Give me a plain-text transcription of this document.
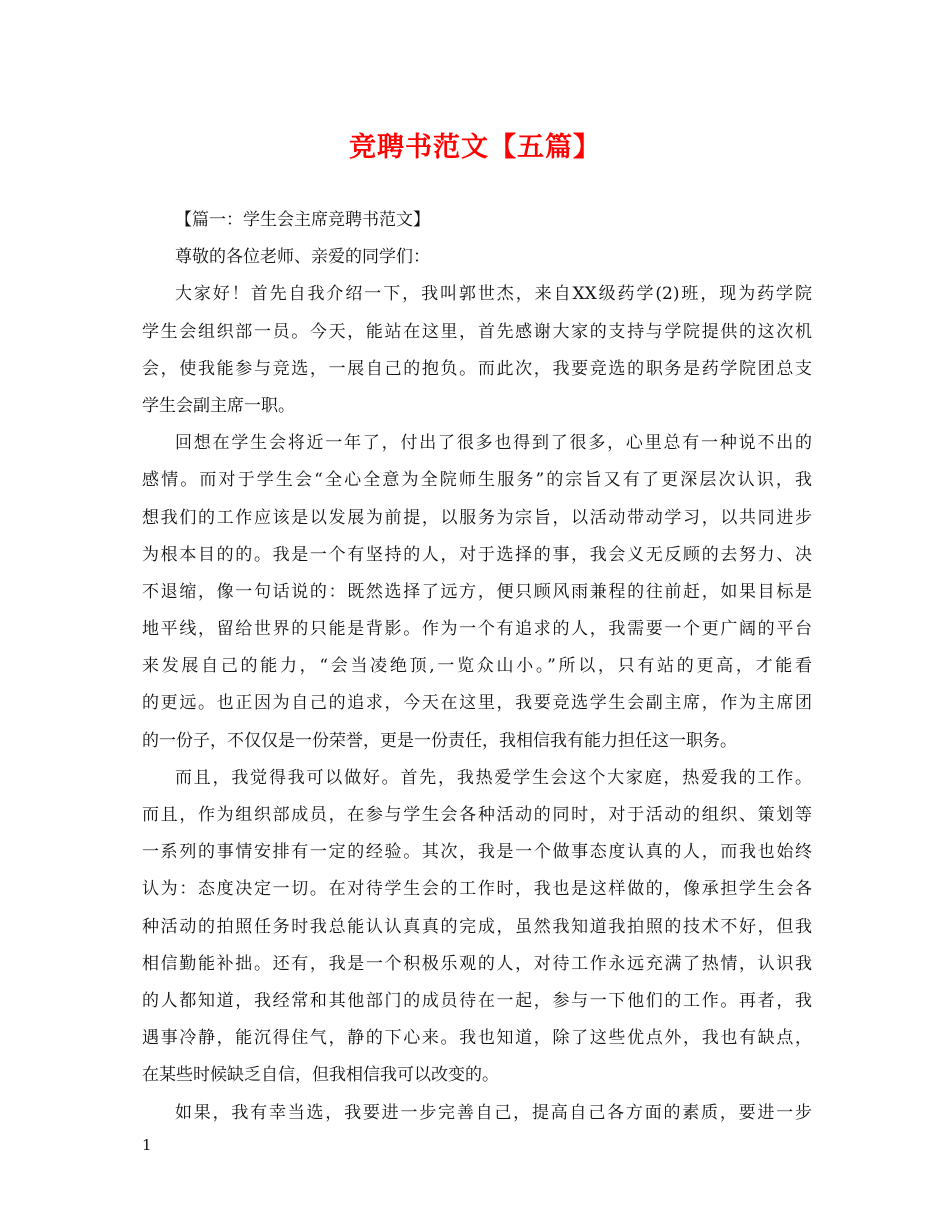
竞聘书范文【五篇】
【篇一：学生会主席竞聘书范文】
尊敬的各位老师、亲爱的同学们：
大家好！首先自我介绍一下，我叫郭世杰，来自XX级药学(2)班，现为药学院
学生会组织部一员。今天，能站在这里，首先感谢大家的支持与学院提供的这次机
会，使我能参与竞选，一展自己的抱负。而此次，我要竞选的职务是药学院团总支
学生会副主席一职。
回想在学生会将近一年了，付出了很多也得到了很多，心里总有一种说不出的
感情。而对于学生会“全心全意为全院师生服务”的宗旨又有了更深层次认识，我
想我们的工作应该是以发展为前提，以服务为宗旨，以活动带动学习，以共同进步
为根本目的的。我是一个有坚持的人，对于选择的事，我会义无反顾的去努力、决
不退缩，像一句话说的：既然选择了远方，便只顾风雨兼程的往前赶，如果目标是
地平线，留给世界的只能是背影。作为一个有追求的人，我需要一个更广阔的平台
来发展自己的能力，“会当凌绝顶,一览众山小。”所以，只有站的更高，才能看
的更远。也正因为自己的追求，今天在这里，我要竞选学生会副主席，作为主席团
的一份子，不仅仅是一份荣誉，更是一份责任，我相信我有能力担任这一职务。
而且，我觉得我可以做好。首先，我热爱学生会这个大家庭，热爱我的工作。
而且，作为组织部成员，在参与学生会各种活动的同时，对于活动的组织、策划等
一系列的事情安排有一定的经验。其次，我是一个做事态度认真的人，而我也始终
认为：态度决定一切。在对待学生会的工作时，我也是这样做的，像承担学生会各
种活动的拍照任务时我总能认认真真的完成，虽然我知道我拍照的技术不好，但我
相信勤能补拙。还有，我是一个积极乐观的人，对待工作永远充满了热情，认识我
的人都知道，我经常和其他部门的成员待在一起，参与一下他们的工作。再者，我
遇事冷静，能沉得住气，静的下心来。我也知道，除了这些优点外，我也有缺点，
在某些时候缺乏自信，但我相信我可以改变的。
如果，我有幸当选，我要进一步完善自己，提高自己各方面的素质，要进一步
1
